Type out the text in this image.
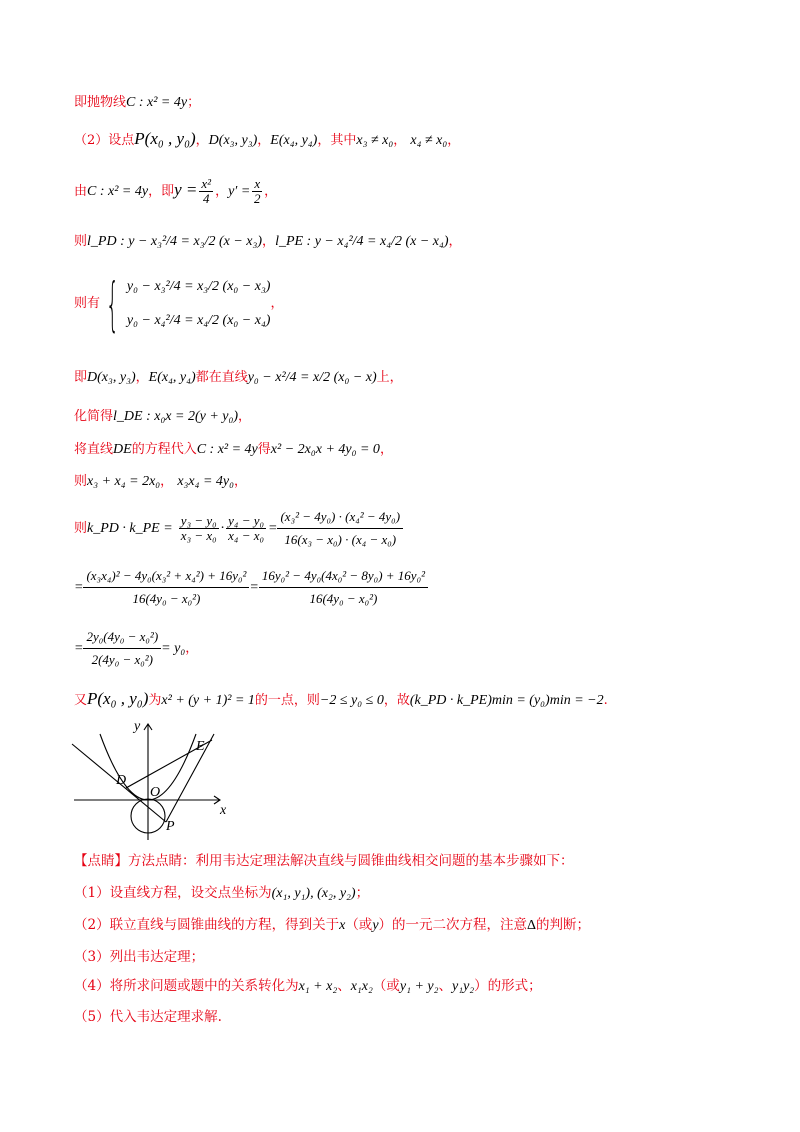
即抛物线C : x² = 4y；
（2）设点P(x₀ , y₀)，D(x₃, y₃)，E(x₄, y₄)，其中x₃ ≠ x₀， x₄ ≠ x₀，
由C : x² = 4y，即$y = \frac{\text{x²}}{4}$ ，$y' = \frac{x}{2}$ ，
则l_PD : y − x₃²/4 = x₃/2 (x − x₃)，l_PE : y − x₄²/4 = x₄/2 (x − x₄)，
则有 { y₀ − x₃²/4 = x₃/2 (x₀ − x₃)
y₀ − x₄²/4 = x₄/2 (x₀ − x₄)
，
即D(x₃, y₃)，E(x₄, y₄)都在直线y₀ − x²/4 = x/2 (x₀ − x)上，
化简得l_DE : x₀x = 2(y + y₀)，
将直线DE的方程代入C : x² = 4y得x² − 2x₀x + 4y₀ = 0，
则x₃ + x₄ = 2x₀， x₃x₄ = 4y₀，
则k_PD · k_PE = $\frac{\text{y₃ − y₀}}{\text{x₃ − x₀}} \cdot \frac{\text{y₄ − y₀}}{\text{x₄ − x₀}} = \frac{\text{(x₃² − 4y₀) · (x₄² − 4y₀)}}{\text{16(x₃ − x₀) · (x₄ − x₀)}}$
= $\frac{\text{(x₃x₄)² − 4y₀(x₃² + x₄²) + 16y₀²}}{\text{16(4y₀ − x₀²)}} = \frac{\text{16y₀² − 4y₀(4x₀² − 8y₀) + 16y₀²}}{\text{16(4y₀ − x₀²)}}$
= $\frac{\text{2y₀(4y₀ − x₀²)}}{\text{2(4y₀ − x₀²)}} = y_0$，
又P(x₀ , y₀)为x² + (y + 1)² = 1的一点，则−2 ≤ y₀ ≤ 0，故(k_PD · k_PE)min = (y₀)min = −2.
y
x
O
D
E
P
【点睛】方法点睛：利用韦达定理法解决直线与圆锥曲线相交问题的基本步骤如下：
（1）设直线方程，设交点坐标为(x₁, y₁), (x₂, y₂)；
（2）联立直线与圆锥曲线的方程，得到关于x（或y）的一元二次方程，注意Δ的判断；
（3）列出韦达定理；
（4）将所求问题或题中的关系转化为x₁ + x₂、x₁x₂（或y₁ + y₂、y₁y₂）的形式；
（5）代入韦达定理求解.
